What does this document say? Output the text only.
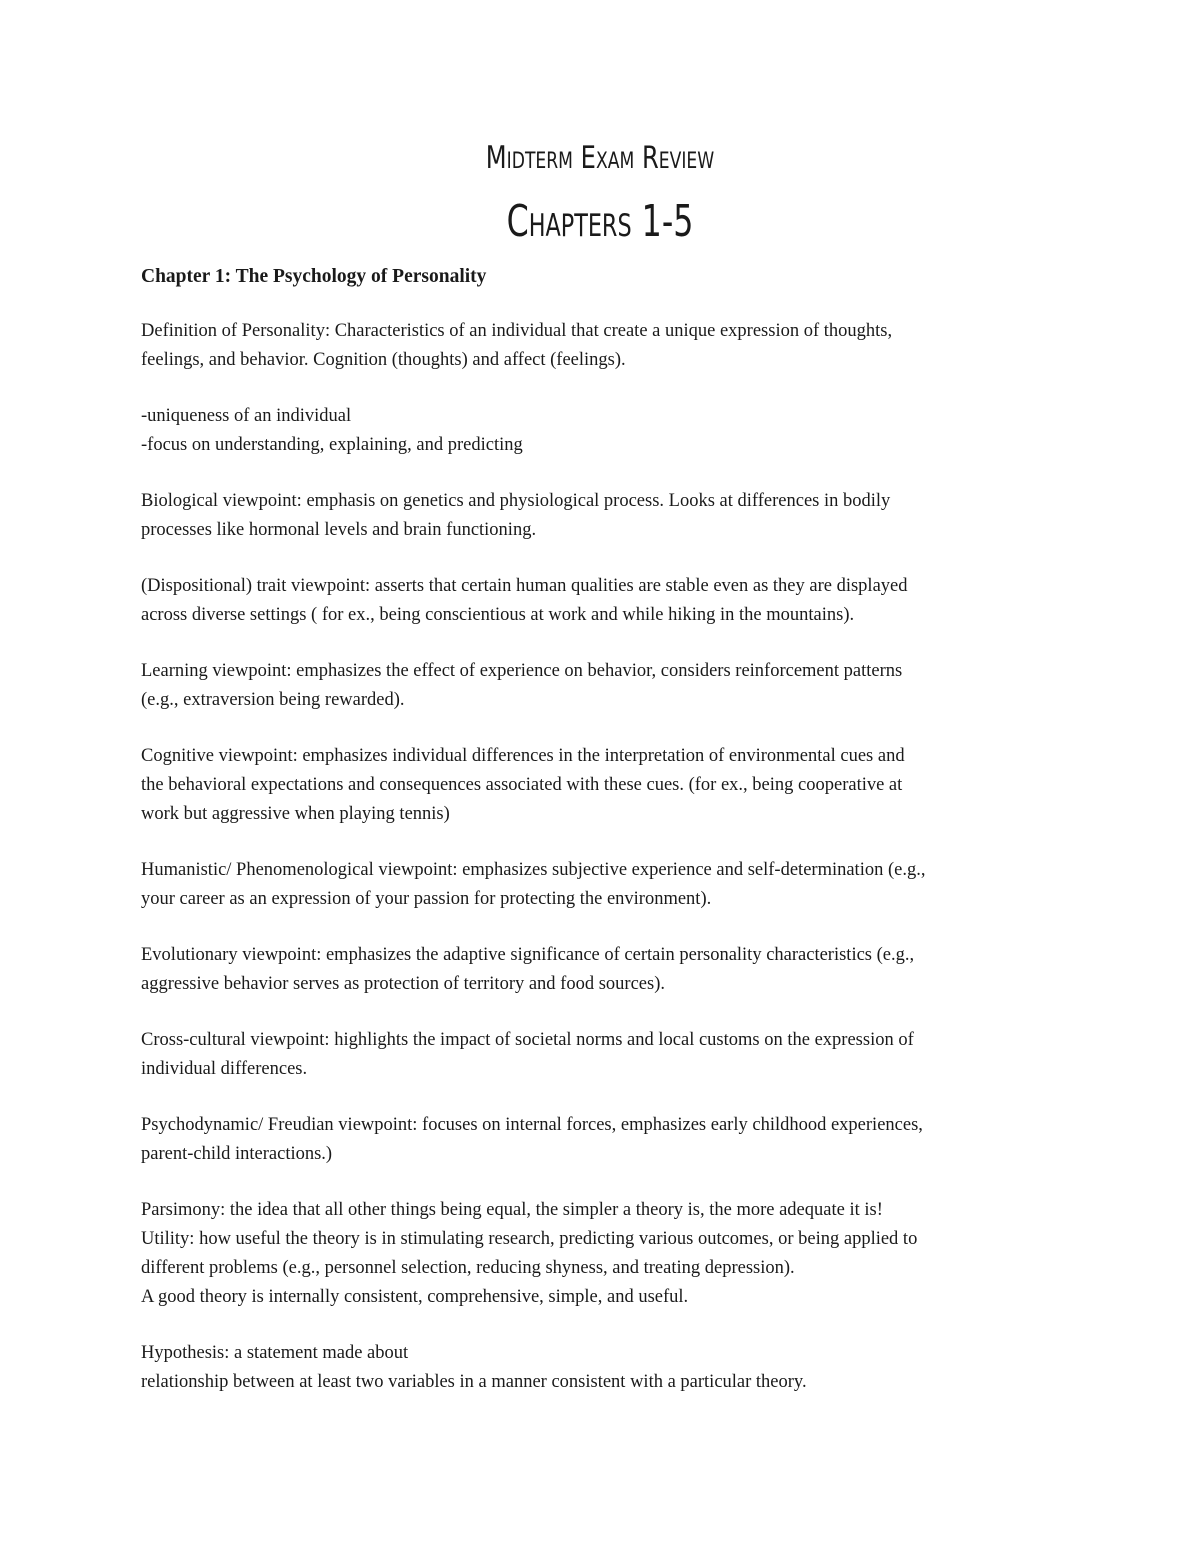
Midterm Exam Review
Chapters 1-5
Chapter 1: The Psychology of Personality
Definition of Personality: Characteristics of an individual that create a unique expression of thoughts,
feelings, and behavior. Cognition (thoughts) and affect (feelings).
-uniqueness of an individual
-focus on understanding, explaining, and predicting
Biological viewpoint: emphasis on genetics and physiological process. Looks at differences in bodily
processes like hormonal levels and brain functioning.
(Dispositional) trait viewpoint: asserts that certain human qualities are stable even as they are displayed
across diverse settings ( for ex., being conscientious at work and while hiking in the mountains).
Learning viewpoint: emphasizes the effect of experience on behavior, considers reinforcement patterns
(e.g., extraversion being rewarded).
Cognitive viewpoint: emphasizes individual differences in the interpretation of environmental cues and
the behavioral expectations and consequences associated with these cues. (for ex., being cooperative at
work but aggressive when playing tennis)
Humanistic/ Phenomenological viewpoint: emphasizes subjective experience and self-determination (e.g.,
your career as an expression of your passion for protecting the environment).
Evolutionary viewpoint: emphasizes the adaptive significance of certain personality characteristics (e.g.,
aggressive behavior serves as protection of territory and food sources).
Cross-cultural viewpoint: highlights the impact of societal norms and local customs on the expression of
individual differences.
Psychodynamic/ Freudian viewpoint: focuses on internal forces, emphasizes early childhood experiences,
parent-child interactions.)
Parsimony: the idea that all other things being equal, the simpler a theory is, the more adequate it is!
Utility: how useful the theory is in stimulating research, predicting various outcomes, or being applied to
different problems (e.g., personnel selection, reducing shyness, and treating depression).
A good theory is internally consistent, comprehensive, simple, and useful.
Hypothesis: a statement made about
relationship between at least two variables in a manner consistent with a particular theory.
